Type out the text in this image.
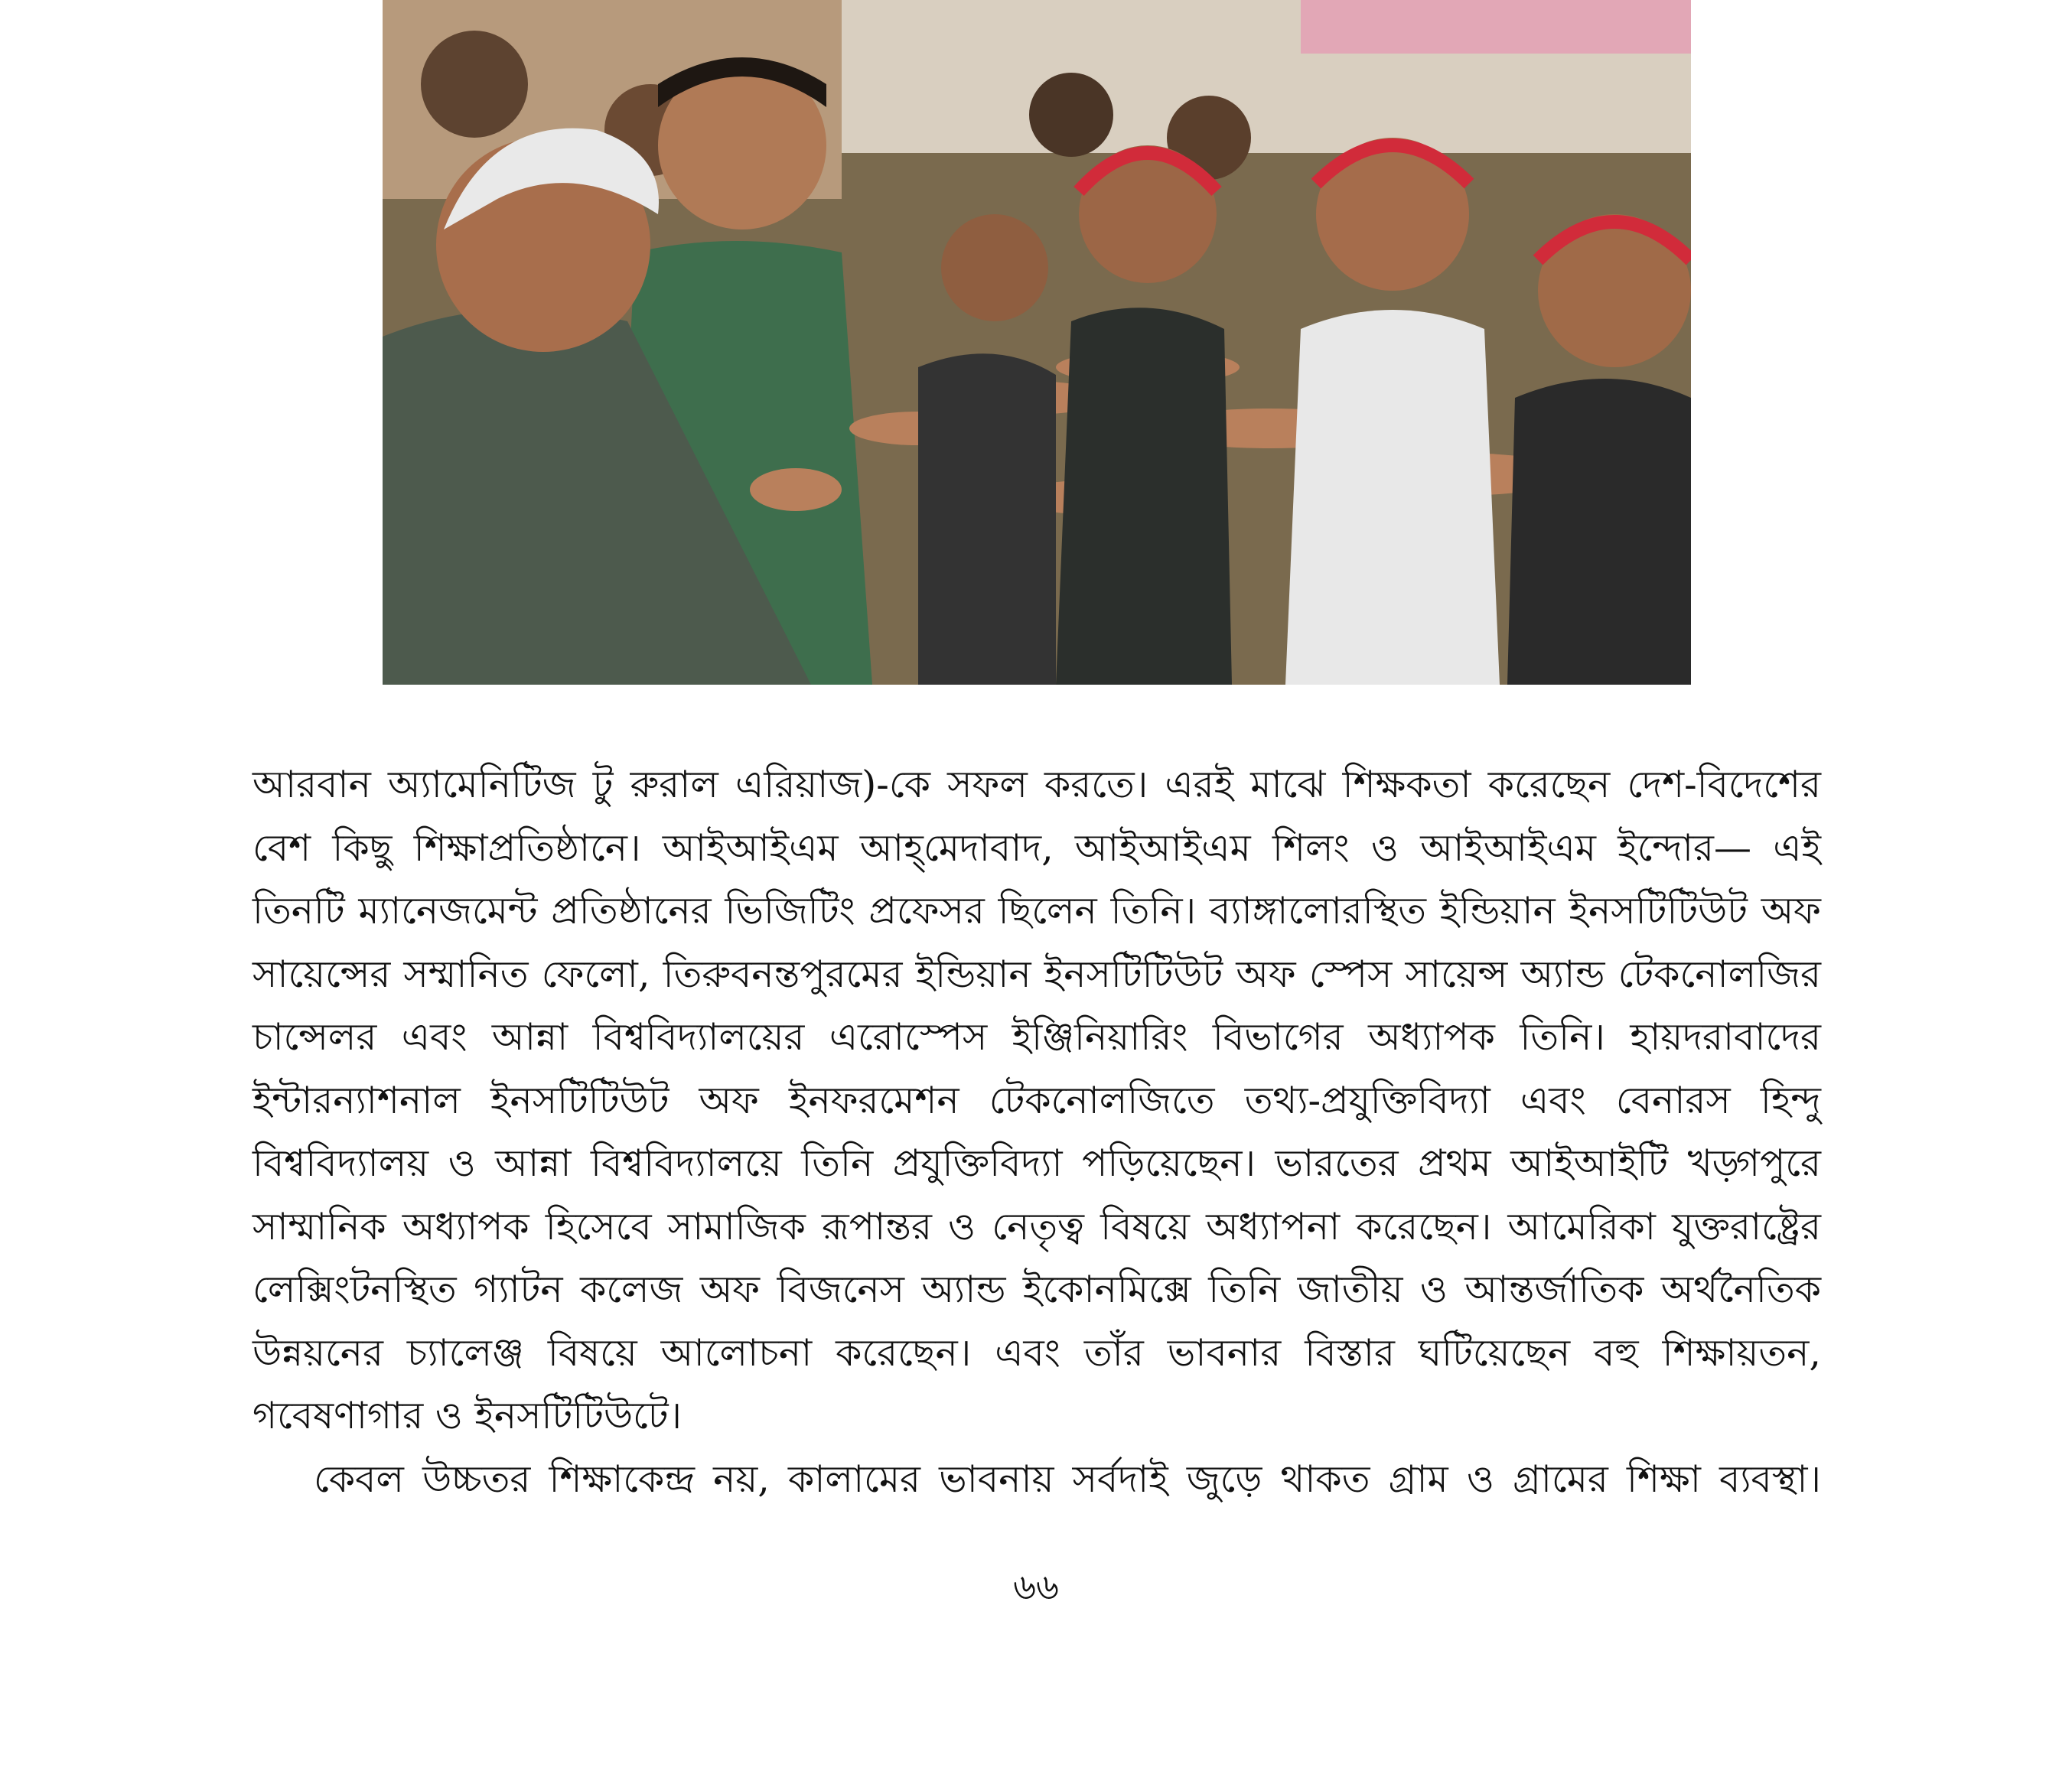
আরবান অ্যামেনিটিজ টু রুরাল এরিয়াজ)-কে সফল করতে। এরই মাঝে শিক্ষকতা করেছেন দেশ-বিদেশের বেশ কিছু শিক্ষাপ্রতিষ্ঠানে। আইআইএম আহ্‌মেদাবাদ, আইআইএম শিলং ও আইআইএম ইন্দোর— এই তিনটি ম্যানেজমেন্ট প্রতিষ্ঠানের ভিজিটিং প্রফেসর ছিলেন তিনি। ব্যাঙ্গালোরস্থিত ইন্ডিয়ান ইনসটিটিউট অফ সায়েন্সের সম্মানিত ফেলো, তিরুবনন্তপুরমের ইন্ডিয়ান ইনসটিটিউট অফ স্পেস সায়েন্স অ্যান্ড টেকনোলজির চান্সেলর এবং আন্না বিশ্ববিদ্যালয়ের এরোস্পেস ইঞ্জিনিয়ারিং বিভাগের অধ্যাপক তিনি। হায়দরাবাদের ইন্টারন্যাশনাল ইনসটিটিউট অফ ইনফরমেশন টেকনোলজিতে তথ্য-প্রযুক্তিবিদ্যা এবং বেনারস হিন্দু বিশ্ববিদ্যালয় ও আন্না বিশ্ববিদ্যালয়ে তিনি প্রযুক্তিবিদ্যা পড়িয়েছেন। ভারতের প্রথম আইআইটি খড়্গপুরে সাম্মানিক অধ্যাপক হিসেবে সামাজিক রূপান্তর ও নেতৃত্ব বিষয়ে অধ্যাপনা করেছেন। আমেরিকা যুক্তরাষ্ট্রের লেক্সিংটনস্থিত গ্যাটন কলেজ অফ বিজনেস অ্যান্ড ইকোনমিক্সে তিনি জাতীয় ও আন্তর্জাতিক অর্থনৈতিক উন্নয়নের চ্যালেঞ্জ বিষয়ে আলোচনা করেছেন। এবং তাঁর ভাবনার বিস্তার ঘটিয়েছেন বহু শিক্ষায়তন, গবেষণাগার ও ইনসটিটিউটে।

কেবল উচ্চতর শিক্ষাকেন্দ্র নয়, কালামের ভাবনায় সর্বদাই জুড়ে থাকত গ্রাম ও গ্রামের শিক্ষা ব্যবস্থা।

৬৬
